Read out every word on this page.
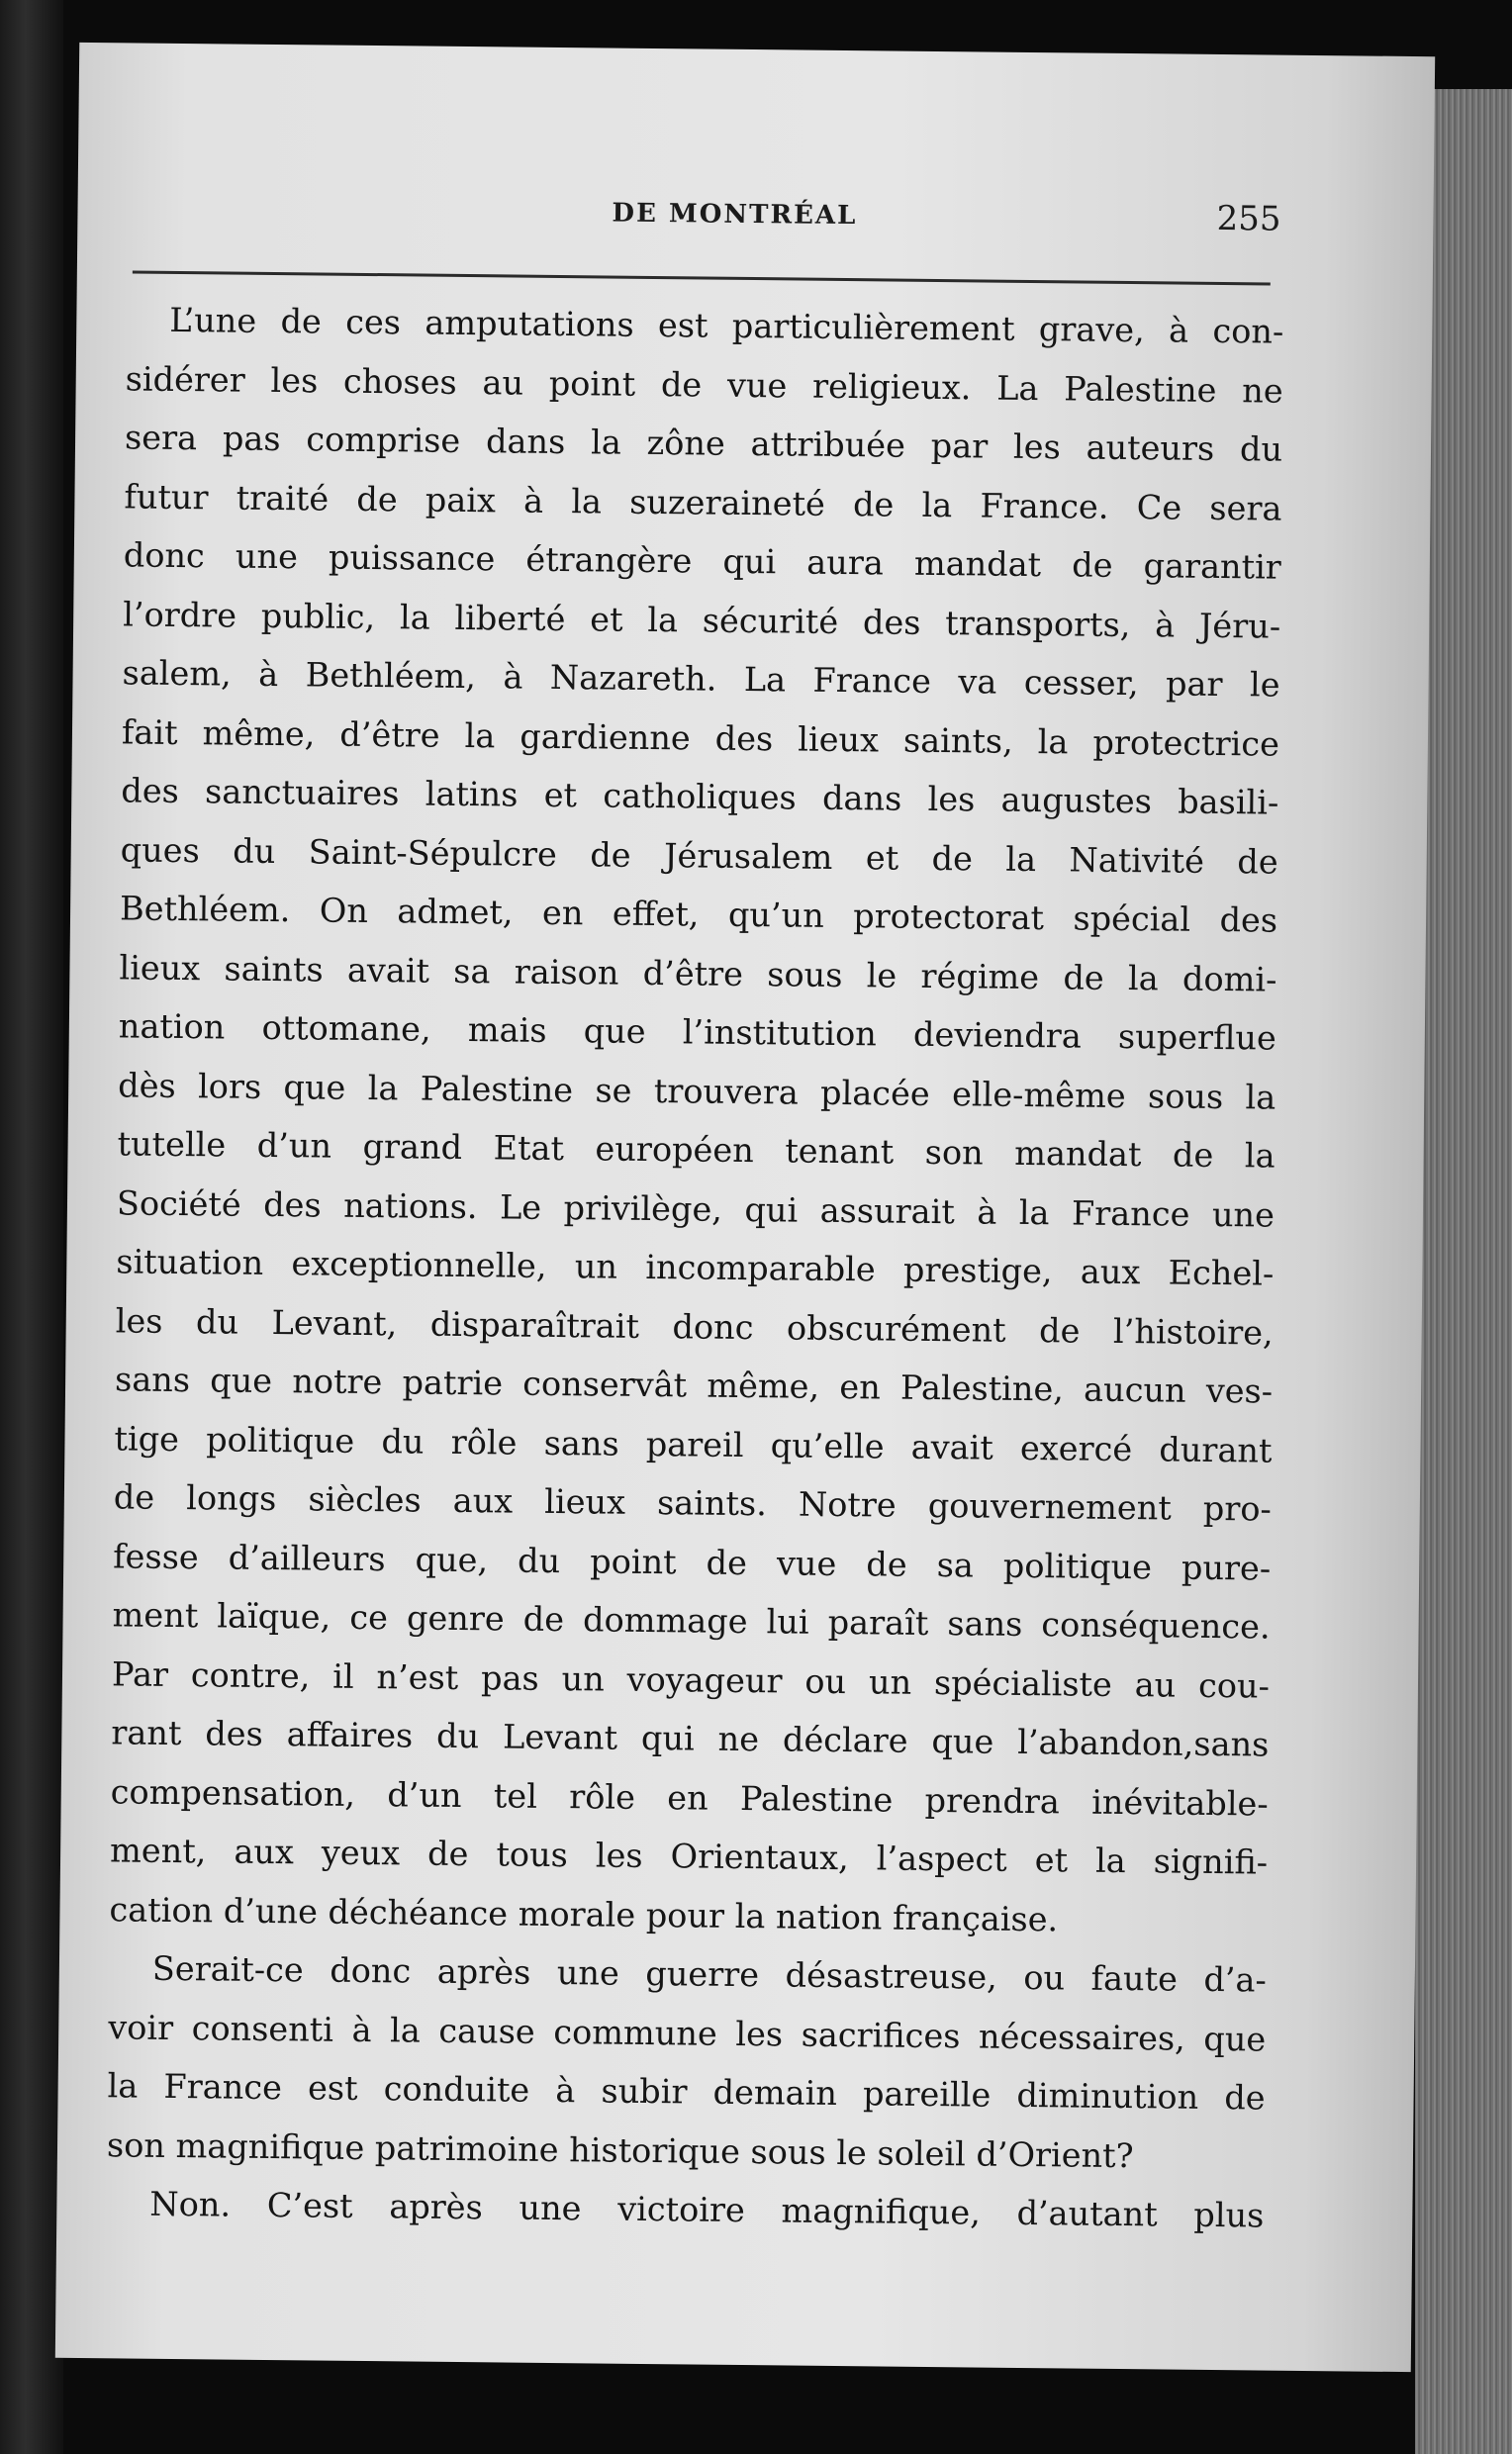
DE MONTRÉAL	255
L’une de ces amputations est particulièrement grave, à con-
sidérer les choses au point de vue religieux. La Palestine ne
sera pas comprise dans la zône attribuée par les auteurs du
futur traité de paix à la suzeraineté de la France. Ce sera
donc une puissance étrangère qui aura mandat de garantir
l’ordre public, la liberté et la sécurité des transports, à Jéru-
salem, à Bethléem, à Nazareth. La France va cesser, par le
fait même, d’être la gardienne des lieux saints, la protectrice
des sanctuaires latins et catholiques dans les augustes basili-
ques du Saint-Sépulcre de Jérusalem et de la Nativité de
Bethléem. On admet, en effet, qu’un protectorat spécial des
lieux saints avait sa raison d’être sous le régime de la domi-
nation ottomane, mais que l’institution deviendra superflue
dès lors que la Palestine se trouvera placée elle-même sous la
tutelle d’un grand Etat européen tenant son mandat de la
Société des nations. Le privilège, qui assurait à la France une
situation exceptionnelle, un incomparable prestige, aux Echel-
les du Levant, disparaîtrait donc obscurément de l’histoire,
sans que notre patrie conservât même, en Palestine, aucun ves-
tige politique du rôle sans pareil qu’elle avait exercé durant
de longs siècles aux lieux saints. Notre gouvernement pro-
fesse d’ailleurs que, du point de vue de sa politique pure-
ment laïque, ce genre de dommage lui paraît sans conséquence.
Par contre, il n’est pas un voyageur ou un spécialiste au cou-
rant des affaires du Levant qui ne déclare que l’abandon,sans
compensation, d’un tel rôle en Palestine prendra inévitable-
ment, aux yeux de tous les Orientaux, l’aspect et la signifi-
cation d’une déchéance morale pour la nation française.
Serait-ce donc après une guerre désastreuse, ou faute d’a-
voir consenti à la cause commune les sacrifices nécessaires, que
la France est conduite à subir demain pareille diminution de
son magnifique patrimoine historique sous le soleil d’Orient?
Non. C’est après une victoire magnifique, d’autant plus
